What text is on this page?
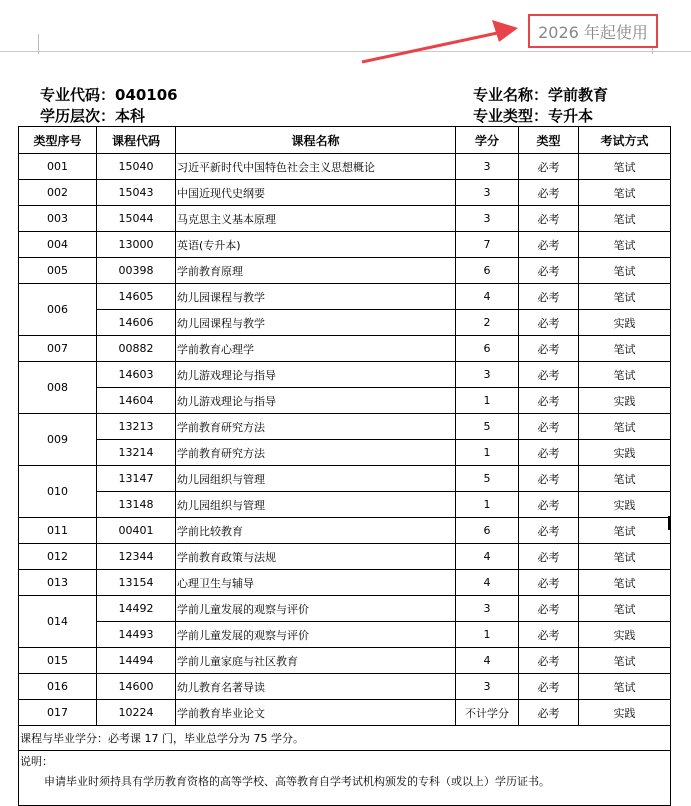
2026 年起使用
专业代码：040106
学历层次：本科
专业名称：学前教育
专业类型：专升本
类型序号	课程代码	课程名称	学分	类型	考试方式
001	15040	习近平新时代中国特色社会主义思想概论	3	必考	笔试
002	15043	中国近现代史纲要	3	必考	笔试
003	15044	马克思主义基本原理	3	必考	笔试
004	13000	英语(专升本)	7	必考	笔试
005	00398	学前教育原理	6	必考	笔试
006	14605	幼儿园课程与教学	4	必考	笔试
	14606	幼儿园课程与教学	2	必考	实践
007	00882	学前教育心理学	6	必考	笔试
008	14603	幼儿游戏理论与指导	3	必考	笔试
	14604	幼儿游戏理论与指导	1	必考	实践
009	13213	学前教育研究方法	5	必考	笔试
	13214	学前教育研究方法	1	必考	实践
010	13147	幼儿园组织与管理	5	必考	笔试
	13148	幼儿园组织与管理	1	必考	实践
011	00401	学前比较教育	6	必考	笔试
012	12344	学前教育政策与法规	4	必考	笔试
013	13154	心理卫生与辅导	4	必考	笔试
014	14492	学前儿童发展的观察与评价	3	必考	笔试
	14493	学前儿童发展的观察与评价	1	必考	实践
015	14494	学前儿童家庭与社区教育	4	必考	笔试
016	14600	幼儿教育名著导读	3	必考	笔试
017	10224	学前教育毕业论文	不计学分	必考	实践
课程与毕业学分：必考课 17 门，毕业总学分为 75 学分。					

说明：
申请毕业时须持具有学历教育资格的高等学校、高等教育自学考试机构颁发的专科（或以上）学历证书。					
